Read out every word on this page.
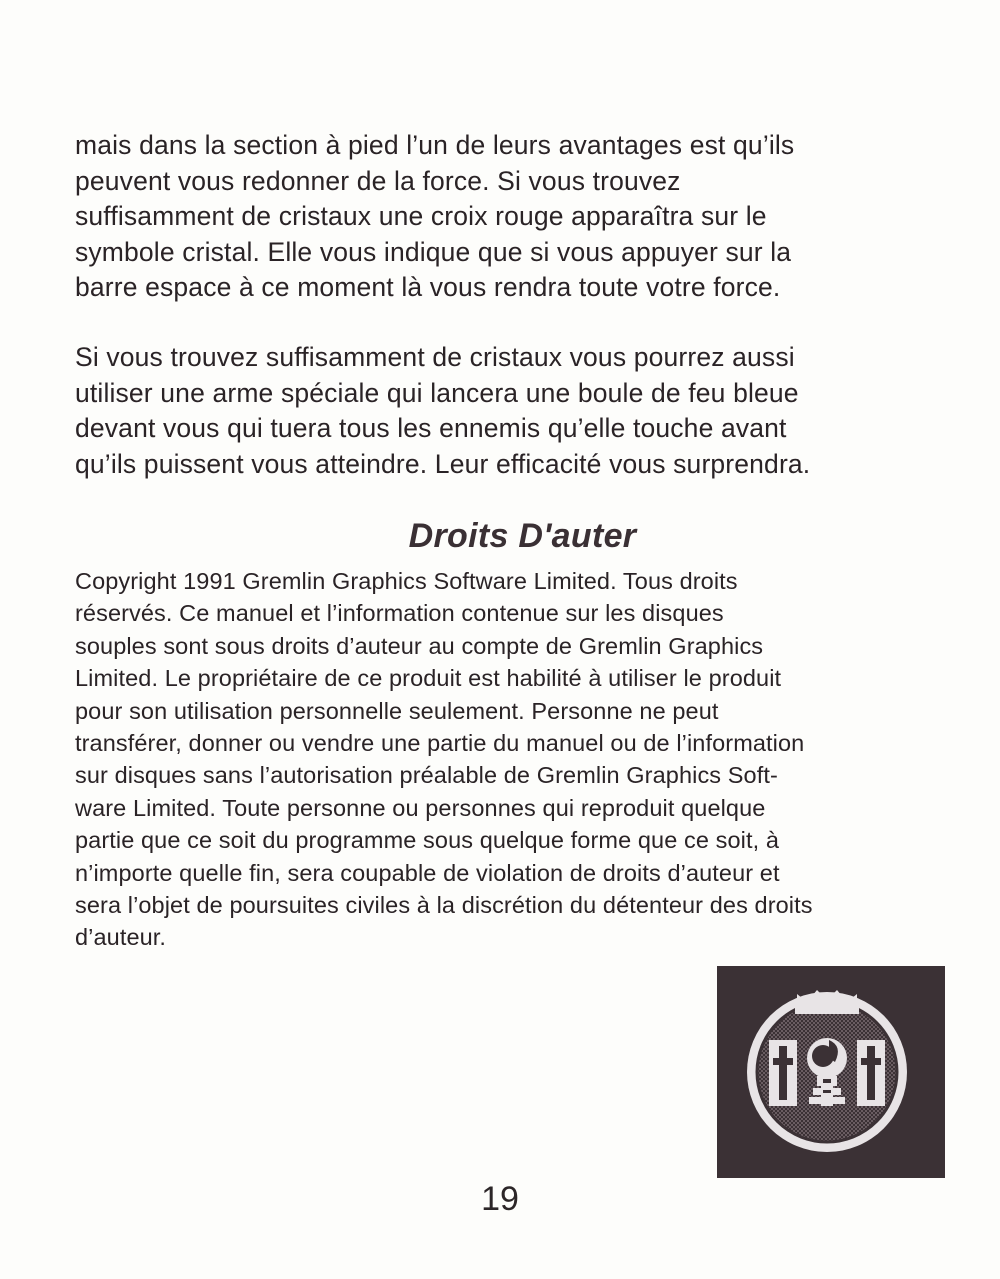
mais dans la section à pied l’un de leurs avantages est qu’ils
peuvent vous redonner de la force. Si vous trouvez
suffisamment de cristaux une croix rouge apparaîtra sur le
symbole cristal. Elle vous indique que si vous appuyer sur la
barre espace à ce moment là vous rendra toute votre force.
Si vous trouvez suffisamment de cristaux vous pourrez aussi
utiliser une arme spéciale qui lancera une boule de feu bleue
devant vous qui tuera tous les ennemis qu’elle touche avant
qu’ils puissent vous atteindre. Leur efficacité vous surprendra.
Droits D'auter
Copyright 1991 Gremlin Graphics Software Limited. Tous droits
réservés. Ce manuel et l’information contenue sur les disques
souples sont sous droits d’auteur au compte de Gremlin Graphics
Limited. Le propriétaire de ce produit est habilité à utiliser le produit
pour son utilisation personnelle seulement. Personne ne peut
transférer, donner ou vendre une partie du manuel ou de l’information
sur disques sans l’autorisation préalable de Gremlin Graphics Soft-
ware Limited. Toute personne ou personnes qui reproduit quelque
partie que ce soit du programme sous quelque forme que ce soit, à
n’importe quelle fin, sera coupable de violation de droits d’auteur et
sera l’objet de poursuites civiles à la discrétion du détenteur des droits
d’auteur.

19
